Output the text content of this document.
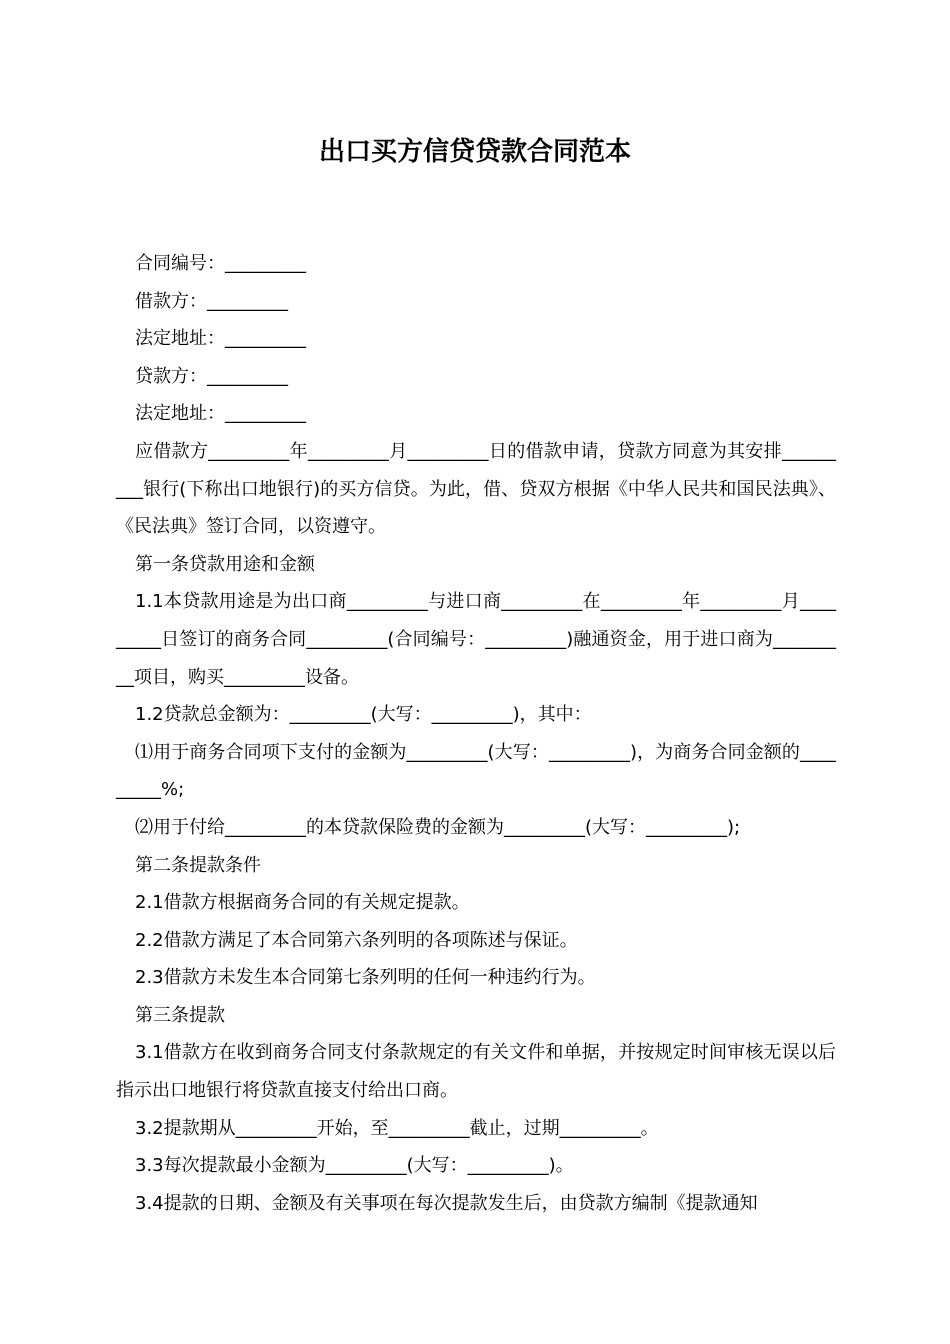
出口买方信贷贷款合同范本

合同编号：_________

借款方：_________

法定地址：_________

贷款方：_________

法定地址：_________

应借款方_________年_________月_________日的借款申请，贷款方同意为其安排_________银行(下称出口地银行)的买方信贷。为此，借、贷双方根据《中华人民共和国民法典》、《民法典》签订合同，以资遵守。

第一条贷款用途和金额

1.1本贷款用途是为出口商_________与进口商_________在_________年_________月_________日签订的商务合同_________(合同编号：_________)融通资金，用于进口商为_________项目，购买_________设备。

1.2贷款总金额为：_________(大写：_________)，其中：

⑴用于商务合同项下支付的金额为_________(大写：_________)，为商务合同金额的_________%;

⑵用于付给_________的本贷款保险费的金额为_________(大写：_________);

第二条提款条件

2.1借款方根据商务合同的有关规定提款。

2.2借款方满足了本合同第六条列明的各项陈述与保证。

2.3借款方未发生本合同第七条列明的任何一种违约行为。

第三条提款

3.1借款方在收到商务合同支付条款规定的有关文件和单据，并按规定时间审核无误以后指示出口地银行将贷款直接支付给出口商。

3.2提款期从_________开始，至_________截止，过期_________。

3.3每次提款最小金额为_________(大写：_________)。

3.4提款的日期、金额及有关事项在每次提款发生后，由贷款方编制《提款通知
